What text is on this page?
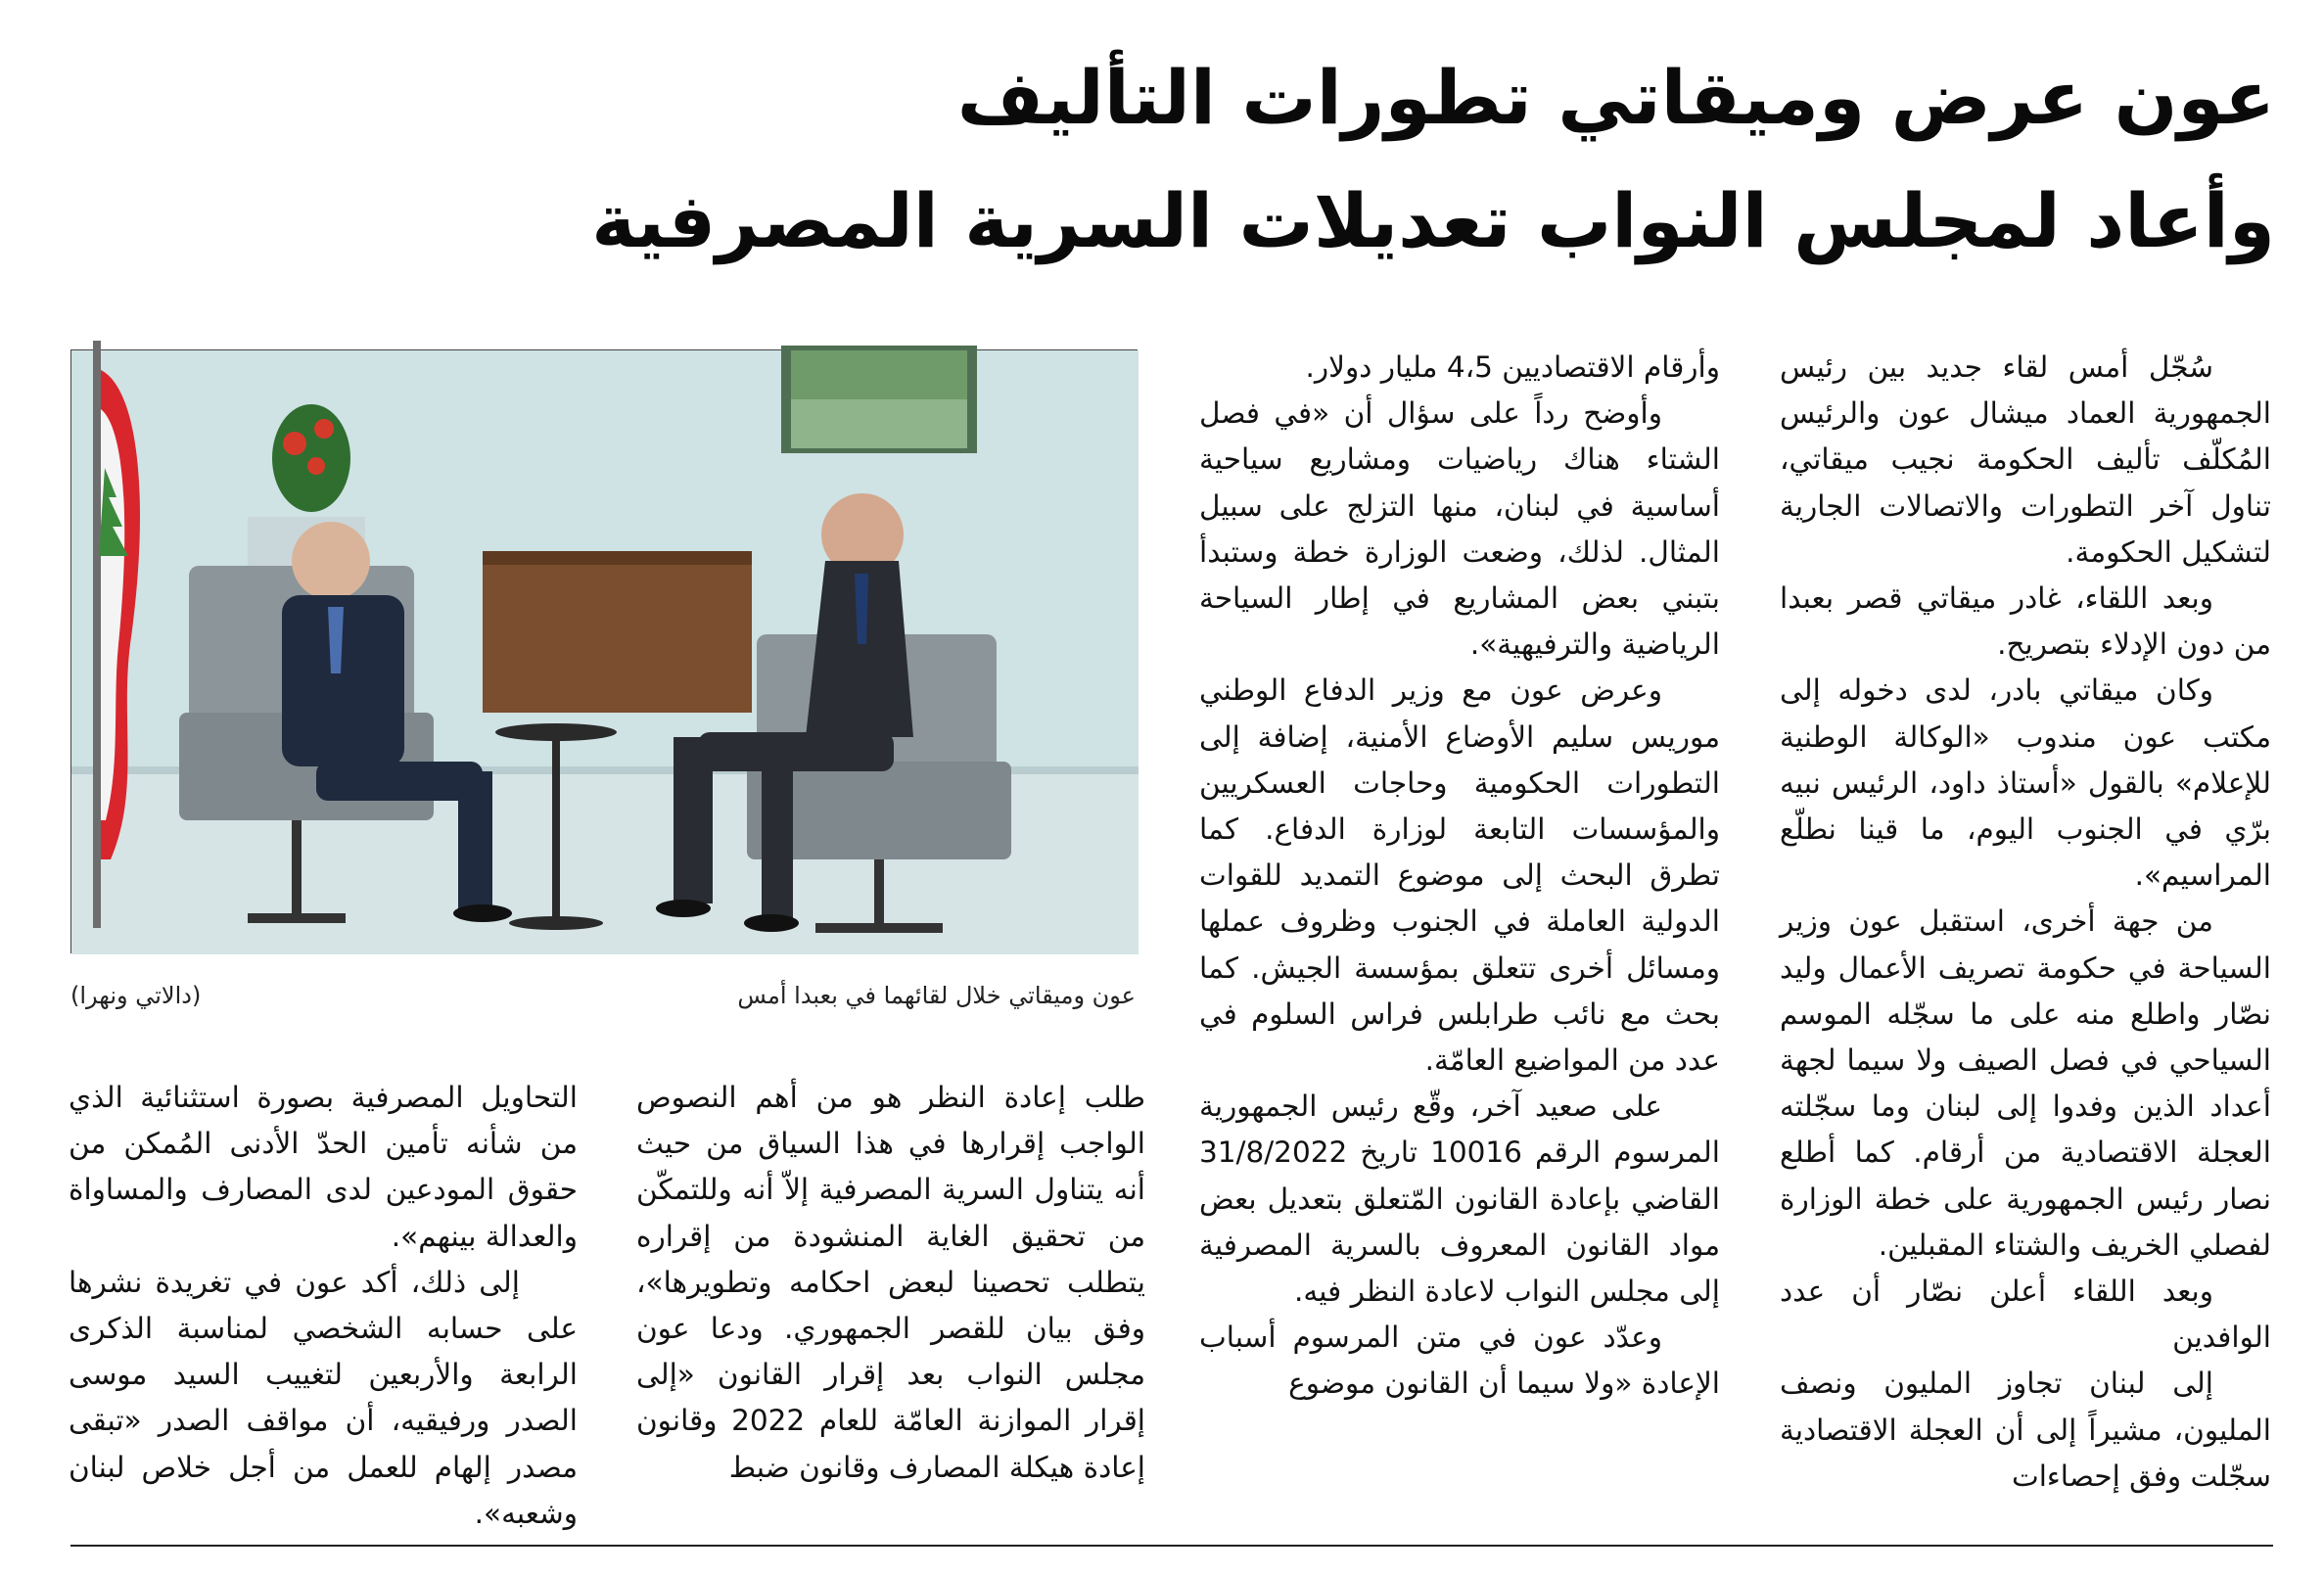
عون عرض وميقاتي تطورات التأليف
وأعاد لمجلس النواب تعديلات السرية المصرفية

سُجّل أمس لقاء جديد بين رئيس الجمهورية العماد ميشال عون والرئيس المُكلّف تأليف الحكومة نجيب ميقاتي، تناول آخر التطورات والاتصالات الجارية لتشكيل الحكومة.

وبعد اللقاء، غادر ميقاتي قصر بعبدا من دون الإدلاء بتصريح.

وكان ميقاتي بادر، لدى دخوله إلى مكتب عون مندوب «الوكالة الوطنية للإعلام» بالقول «أستاذ داود، الرئيس نبيه برّي في الجنوب اليوم، ما قينا نطلّع المراسيم».

من جهة أخرى، استقبل عون وزير السياحة في حكومة تصريف الأعمال وليد نصّار واطلع منه على ما سجّله الموسم السياحي في فصل الصيف ولا سيما لجهة أعداد الذين وفدوا إلى لبنان وما سجّلته العجلة الاقتصادية من أرقام. كما أطلع نصار رئيس الجمهورية على خطة الوزارة لفصلي الخريف والشتاء المقبلين.

وبعد اللقاء أعلن نصّار أن عدد الوافدين

إلى لبنان تجاوز المليون ونصف المليون، مشيراً إلى أن العجلة الاقتصادية سجّلت وفق إحصاءات

وأرقام الاقتصاديين 4،5 مليار دولار.

وأوضح رداً على سؤال أن «في فصل الشتاء هناك رياضيات ومشاريع سياحية أساسية في لبنان، منها التزلج على سبيل المثال. لذلك، وضعت الوزارة خطة وستبدأ بتبني بعض المشاريع في إطار السياحة الرياضية والترفيهية».

وعرض عون مع وزير الدفاع الوطني موريس سليم الأوضاع الأمنية، إضافة إلى التطورات الحكومية وحاجات العسكريين والمؤسسات التابعة لوزارة الدفاع. كما تطرق البحث إلى موضوع التمديد للقوات الدولية العاملة في الجنوب وظروف عملها ومسائل أخرى تتعلق بمؤسسة الجيش. كما بحث مع نائب طرابلس فراس السلوم في عدد من المواضيع العامّة.

على صعيد آخر، وقّع رئيس الجمهورية المرسوم الرقم 10016 تاريخ 31/8/2022 القاضي بإعادة القانون المّتعلق بتعديل بعض مواد القانون المعروف بالسرية المصرفية إلى مجلس النواب لاعادة النظر فيه.

وعدّد عون في متن المرسوم أسباب الإعادة «ولا سيما أن القانون موضوع

عون وميقاتي خلال لقائهما في بعبدا أمس
(دالاتي ونهرا)

طلب إعادة النظر هو من أهم النصوص الواجب إقرارها في هذا السياق من حيث أنه يتناول السرية المصرفية إلاّ أنه وللتمكّن من تحقيق الغاية المنشودة من إقراره يتطلب تحصينا لبعض احكامه وتطويرها»، وفق بيان للقصر الجمهوري. ودعا عون مجلس النواب بعد إقرار القانون «إلى إقرار الموازنة العامّة للعام 2022 وقانون إعادة هيكلة المصارف وقانون ضبط

التحاويل المصرفية بصورة استثنائية الذي من شأنه تأمين الحدّ الأدنى المُمكن من حقوق المودعين لدى المصارف والمساواة والعدالة بينهم».

إلى ذلك، أكد عون في تغريدة نشرها على حسابه الشخصي لمناسبة الذكرى الرابعة والأربعين لتغييب السيد موسى الصدر ورفيقيه، أن مواقف الصدر «تبقى مصدر إلهام للعمل من أجل خلاص لبنان وشعبه».
